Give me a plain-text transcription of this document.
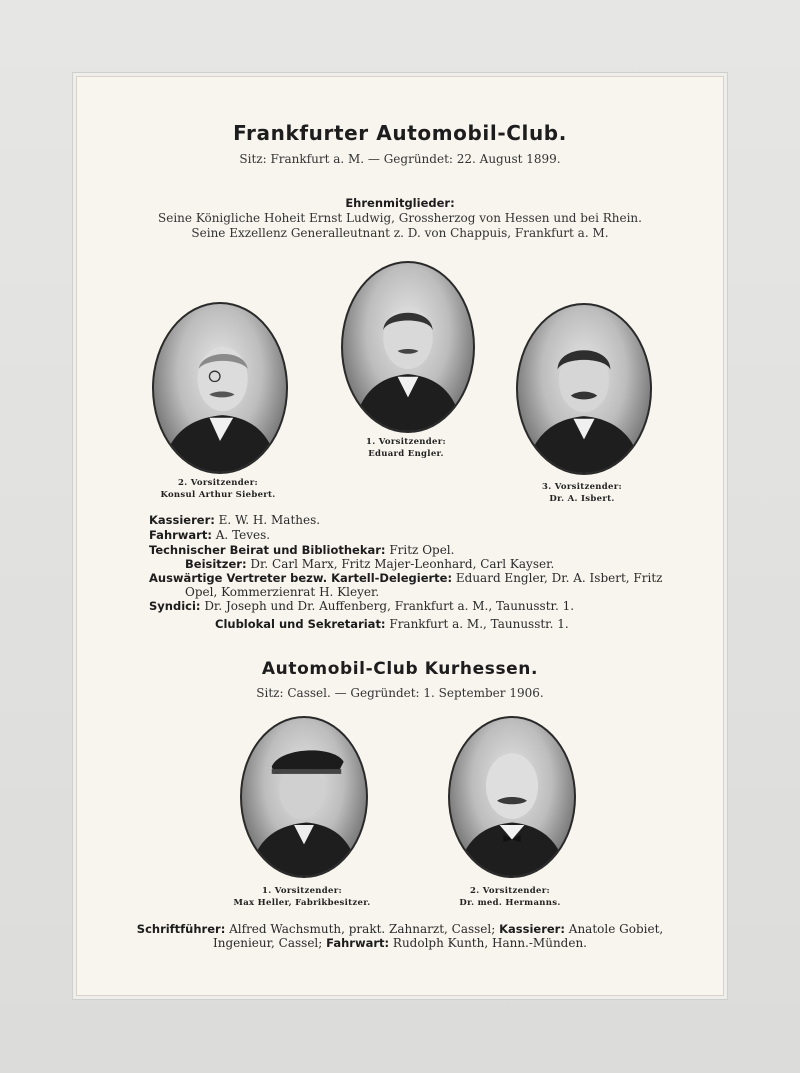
Frankfurter Automobil-Club.
Sitz: Frankfurt a. M. — Gegründet: 22. August 1899.
Ehrenmitglieder:
Seine Königliche Hoheit Ernst Ludwig, Grossherzog von Hessen und bei Rhein.
Seine Exzellenz Generalleutnant z. D. von Chappuis, Frankfurt a. M.
1. Vorsitzender:
Eduard Engler.
2. Vorsitzender:
Konsul Arthur Siebert.
3. Vorsitzender:
Dr. A. Isbert.
Kassierer: E. W. H. Mathes.
Fahrwart: A. Teves.
Technischer Beirat und Bibliothekar: Fritz Opel.
Beisitzer: Dr. Carl Marx, Fritz Majer-Leonhard, Carl Kayser.
Auswärtige Vertreter bezw. Kartell-Delegierte: Eduard Engler, Dr. A. Isbert, Fritz
Opel, Kommerzienrat H. Kleyer.
Syndici: Dr. Joseph und Dr. Auffenberg, Frankfurt a. M., Taunusstr. 1.
Clublokal und Sekretariat: Frankfurt a. M., Taunusstr. 1.
Automobil-Club Kurhessen.
Sitz: Cassel. — Gegründet: 1. September 1906.
1. Vorsitzender:
Max Heller, Fabrikbesitzer.
2. Vorsitzender:
Dr. med. Hermanns.
Schriftführer: Alfred Wachsmuth, prakt. Zahnarzt, Cassel; Kassierer: Anatole Gobiet,
Ingenieur, Cassel; Fahrwart: Rudolph Kunth, Hann.-Münden.
